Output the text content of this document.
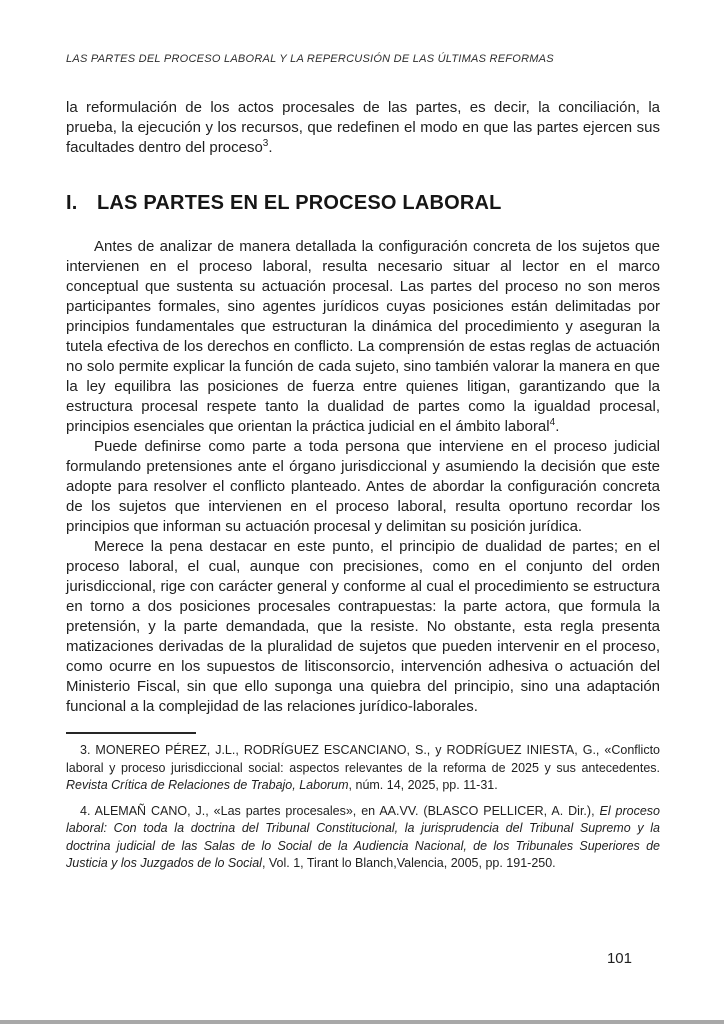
LAS PARTES DEL PROCESO LABORAL Y LA REPERCUSIÓN DE LAS ÚLTIMAS REFORMAS

la reformulación de los actos procesales de las partes, es decir, la conciliación, la prueba, la ejecución y los recursos, que redefinen el modo en que las partes ejercen sus facultades dentro del proceso$^3$.

I. LAS PARTES EN EL PROCESO LABORAL

Antes de analizar de manera detallada la configuración concreta de los sujetos que intervienen en el proceso laboral, resulta necesario situar al lector en el marco conceptual que sustenta su actuación procesal. Las partes del proceso no son meros participantes formales, sino agentes jurídicos cuyas posiciones están delimitadas por principios fundamentales que estructuran la dinámica del procedimiento y aseguran la tutela efectiva de los derechos en conflicto. La comprensión de estas reglas de actuación no solo permite explicar la función de cada sujeto, sino también valorar la manera en que la ley equilibra las posiciones de fuerza entre quienes litigan, garantizando que la estructura procesal respete tanto la dualidad de partes como la igualdad procesal, principios esenciales que orientan la práctica judicial en el ámbito laboral$^4$.

Puede definirse como parte a toda persona que interviene en el proceso judicial formulando pretensiones ante el órgano jurisdiccional y asumiendo la decisión que este adopte para resolver el conflicto planteado. Antes de abordar la configuración concreta de los sujetos que intervienen en el proceso laboral, resulta oportuno recordar los principios que informan su actuación procesal y delimitan su posición jurídica.

Merece la pena destacar en este punto, el principio de dualidad de partes; en el proceso laboral, el cual, aunque con precisiones, como en el conjunto del orden jurisdiccional, rige con carácter general y conforme al cual el procedimiento se estructura en torno a dos posiciones procesales contrapuestas: la parte actora, que formula la pretensión, y la parte demandada, que la resiste. No obstante, esta regla presenta matizaciones derivadas de la pluralidad de sujetos que pueden intervenir en el proceso, como ocurre en los supuestos de litisconsorcio, intervención adhesiva o actuación del Ministerio Fiscal, sin que ello suponga una quiebra del principio, sino una adaptación funcional a la complejidad de las relaciones jurídico-laborales.

3. MONEREO PÉREZ, J.L., RODRÍGUEZ ESCANCIANO, S., y RODRÍGUEZ INIESTA, G., «Conflicto laboral y proceso jurisdiccional social: aspectos relevantes de la reforma de 2025 y sus antecedentes. Revista Crítica de Relaciones de Trabajo, Laborum, núm. 14, 2025, pp. 11-31.

4. ALEMAÑ CANO, J., «Las partes procesales», en AA.VV. (BLASCO PELLICER, A. Dir.), El proceso laboral: Con toda la doctrina del Tribunal Constitucional, la jurisprudencia del Tribunal Supremo y la doctrina judicial de las Salas de lo Social de la Audiencia Nacional, de los Tribunales Superiores de Justicia y los Juzgados de lo Social, Vol. 1, Tirant lo Blanch,Valencia, 2005, pp. 191-250.

101
